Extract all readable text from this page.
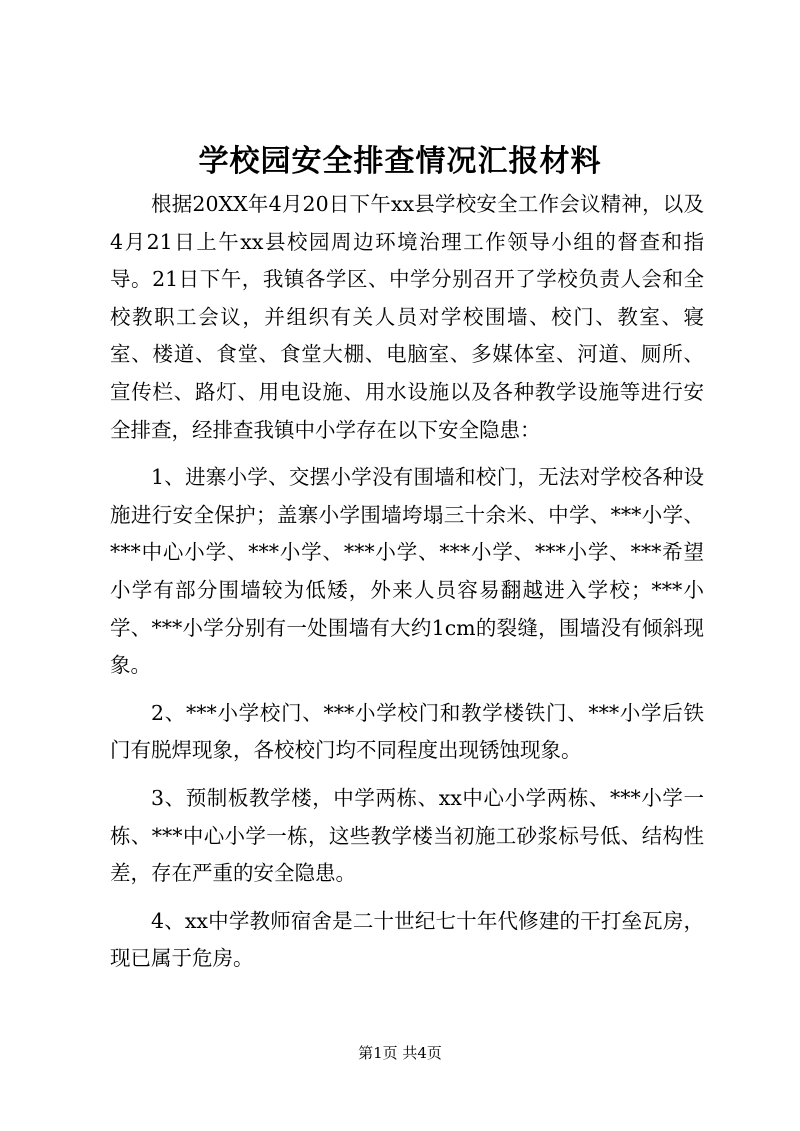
学校园安全排查情况汇报材料

根据20XX年4月20日下午xx县学校安全工作会议精神，以及4月21日上午xx县校园周边环境治理工作领导小组的督查和指导。21日下午，我镇各学区、中学分别召开了学校负责人会和全校教职工会议，并组织有关人员对学校围墙、校门、教室、寝室、楼道、食堂、食堂大棚、电脑室、多媒体室、河道、厕所、宣传栏、路灯、用电设施、用水设施以及各种教学设施等进行安全排查，经排查我镇中小学存在以下安全隐患：

1、进寨小学、交摆小学没有围墙和校门，无法对学校各种设施进行安全保护；盖寨小学围墙垮塌三十余米、中学、***小学、***中心小学、***小学、***小学、***小学、***小学、***希望小学有部分围墙较为低矮，外来人员容易翻越进入学校；***小学、***小学分别有一处围墙有大约1cm的裂缝，围墙没有倾斜现象。

2、***小学校门、***小学校门和教学楼铁门、***小学后铁门有脱焊现象，各校校门均不同程度出现锈蚀现象。

3、预制板教学楼，中学两栋、xx中心小学两栋、***小学一栋、***中心小学一栋，这些教学楼当初施工砂浆标号低、结构性差，存在严重的安全隐患。

4、xx中学教师宿舍是二十世纪七十年代修建的干打垒瓦房，现已属于危房。

第1页 共4页
